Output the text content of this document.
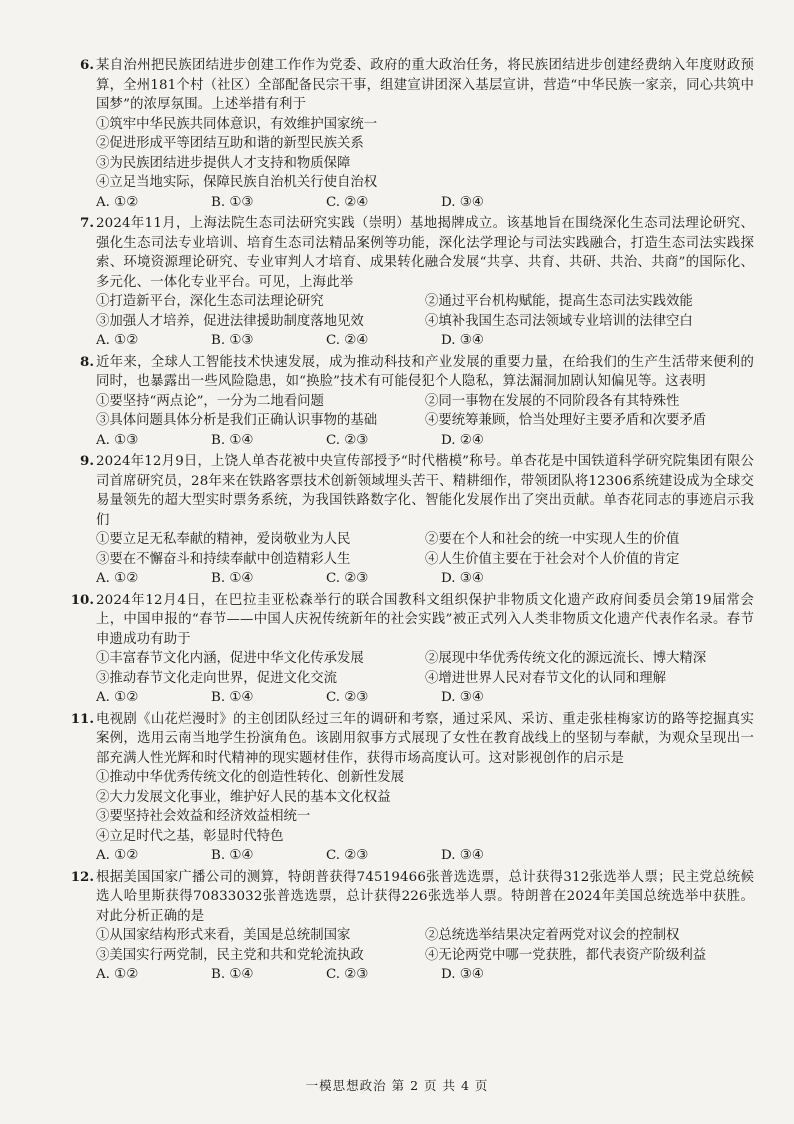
6. 某自治州把民族团结进步创建工作作为党委、政府的重大政治任务，将民族团结进步创建经费纳入年度财政预算，全州181个村（社区）全部配备民宗干事，组建宣讲团深入基层宣讲，营造“中华民族一家亲，同心共筑中国梦”的浓厚氛围。上述举措有利于
①筑牢中华民族共同体意识，有效维护国家统一
②促进形成平等团结互助和谐的新型民族关系
③为民族团结进步提供人才支持和物质保障
④立足当地实际，保障民族自治机关行使自治权
A. ①②	B. ①③	C. ②④	D. ③④
7. 2024年11月，上海法院生态司法研究实践（崇明）基地揭牌成立。该基地旨在围绕深化生态司法理论研究、强化生态司法专业培训、培育生态司法精品案例等功能，深化法学理论与司法实践融合，打造生态司法实践探索、环境资源理论研究、专业审判人才培育、成果转化融合发展“共享、共育、共研、共治、共商”的国际化、多元化、一体化专业平台。可见，上海此举
①打造新平台，深化生态司法理论研究	②通过平台机构赋能，提高生态司法实践效能
③加强人才培养，促进法律援助制度落地见效	④填补我国生态司法领域专业培训的法律空白
A. ①②	B. ①③	C. ②④	D. ③④
8. 近年来，全球人工智能技术快速发展，成为推动科技和产业发展的重要力量，在给我们的生产生活带来便利的同时，也暴露出一些风险隐患，如“换脸”技术有可能侵犯个人隐私，算法漏洞加剧认知偏见等。这表明
①要坚持“两点论”，一分为二地看问题	②同一事物在发展的不同阶段各有其特殊性
③具体问题具体分析是我们正确认识事物的基础	④要统筹兼顾，恰当处理好主要矛盾和次要矛盾
A. ①③	B. ①④	C. ②③	D. ②④
9. 2024年12月9日，上饶人单杏花被中央宣传部授予“时代楷模”称号。单杏花是中国铁道科学研究院集团有限公司首席研究员，28年来在铁路客票技术创新领域埋头苦干、精耕细作，带领团队将12306系统建设成为全球交易量领先的超大型实时票务系统，为我国铁路数字化、智能化发展作出了突出贡献。单杏花同志的事迹启示我们
①要立足无私奉献的精神，爱岗敬业为人民	②要在个人和社会的统一中实现人生的价值
③要在不懈奋斗和持续奉献中创造精彩人生	④人生价值主要在于社会对个人价值的肯定
A. ①②	B. ①④	C. ②③	D. ③④
10. 2024年12月4日，在巴拉圭亚松森举行的联合国教科文组织保护非物质文化遗产政府间委员会第19届常会上，中国申报的“春节——中国人庆祝传统新年的社会实践”被正式列入人类非物质文化遗产代表作名录。春节申遗成功有助于
①丰富春节文化内涵，促进中华文化传承发展	②展现中华优秀传统文化的源远流长、博大精深
③推动春节文化走向世界，促进文化交流	④增进世界人民对春节文化的认同和理解
A. ①②	B. ①④	C. ②③	D. ③④
11. 电视剧《山花烂漫时》的主创团队经过三年的调研和考察，通过采风、采访、重走张桂梅家访的路等挖掘真实案例，选用云南当地学生扮演角色。该剧用叙事方式展现了女性在教育战线上的坚韧与奉献，为观众呈现出一部充满人性光辉和时代精神的现实题材佳作，获得市场高度认可。这对影视创作的启示是
①推动中华优秀传统文化的创造性转化、创新性发展
②大力发展文化事业，维护好人民的基本文化权益
③要坚持社会效益和经济效益相统一
④立足时代之基，彰显时代特色
A. ①②	B. ①④	C. ②③	D. ③④
12. 根据美国国家广播公司的测算，特朗普获得74519466张普选选票，总计获得312张选举人票；民主党总统候选人哈里斯获得70833032张普选选票，总计获得226张选举人票。特朗普在2024年美国总统选举中获胜。对此分析正确的是
①从国家结构形式来看，美国是总统制国家	②总统选举结果决定着两党对议会的控制权
③美国实行两党制，民主党和共和党轮流执政	④无论两党中哪一党获胜，都代表资产阶级利益
A. ①②	B. ①④	C. ②③	D. ③④
一模思想政治 第 2 页 共 4 页
